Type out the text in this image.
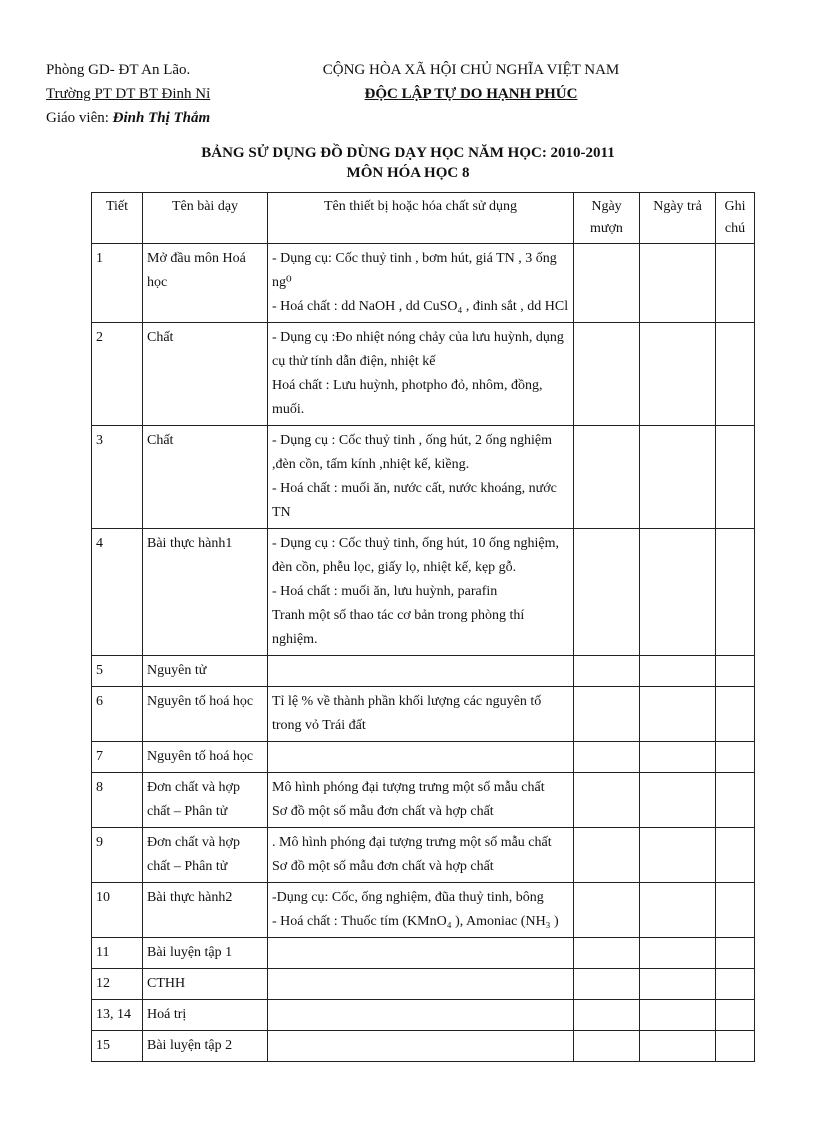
Phòng GD- ĐT An Lão.
Trường PT DT BT Đinh Nỉ
Giáo viên: Đinh Thị Thắm
CỘNG HÒA XÃ HỘI CHỦ NGHĨA VIỆT NAM
ĐỘC LẬP TỰ DO HẠNH PHÚC
BẢNG SỬ DỤNG ĐỒ DÙNG DẠY HỌC NĂM HỌC: 2010-2011
MÔN HÓA HỌC 8
Tiết	Tên bài dạy	Tên thiết bị hoặc hóa chất sử dụng	Ngày mượn	Ngày trả	Ghi chú
1	Mở đầu môn Hoá học	- Dụng cụ: Cốc thuỷ tinh , bơm hút, giá TN , 3 ống ng⁰
- Hoá chất : dd NaOH , dd CuSO₄ , đinh sắt , dd HCl			

2	Chất	- Dụng cụ :Đo nhiệt nóng chảy của lưu huỳnh, dụng cụ thử tính dẫn điện, nhiệt kế
Hoá chất : Lưu huỳnh, photpho đỏ, nhôm, đồng, muối.			

3	Chất	- Dụng cụ : Cốc thuỷ tinh , ống hút, 2 ống nghiệm ,đèn cồn, tấm kính ,nhiệt kế, kiềng.
- Hoá chất : muối ăn, nước cất, nước khoáng, nước TN			

4	Bài thực hành1	- Dụng cụ : Cốc thuỷ tinh, ống hút, 10 ống nghiệm, đèn cồn, phễu lọc, giấy lọ, nhiệt kế, kẹp gỗ.
- Hoá chất : muối ăn, lưu huỳnh, parafin
Tranh một số thao tác cơ bản trong phòng thí nghiệm.			

5	Nguyên tử				
6	Nguyên tố hoá học	Tỉ lệ % về thành phần khối lượng các nguyên tố trong vỏ Trái đất			

7	Nguyên tố hoá học				
8	Đơn chất và hợp chất – Phân tử	Mô hình phóng đại tượng trưng một số mẫu chất
Sơ đồ một số mẫu đơn chất và hợp chất			

9	Đơn chất và hợp chất – Phân tử	. Mô hình phóng đại tượng trưng một số mẫu chất
Sơ đồ một số mẫu đơn chất và hợp chất			

10	Bài thực hành2	-Dụng cụ: Cốc, ống nghiệm, đũa thuỷ tinh, bông
- Hoá chất : Thuốc tím (KMnO₄ ), Amoniac (NH₃ )			

11	Bài luyện tập 1				
12	CTHH				
13, 14	Hoá trị				
15	Bài luyện tập 2				
